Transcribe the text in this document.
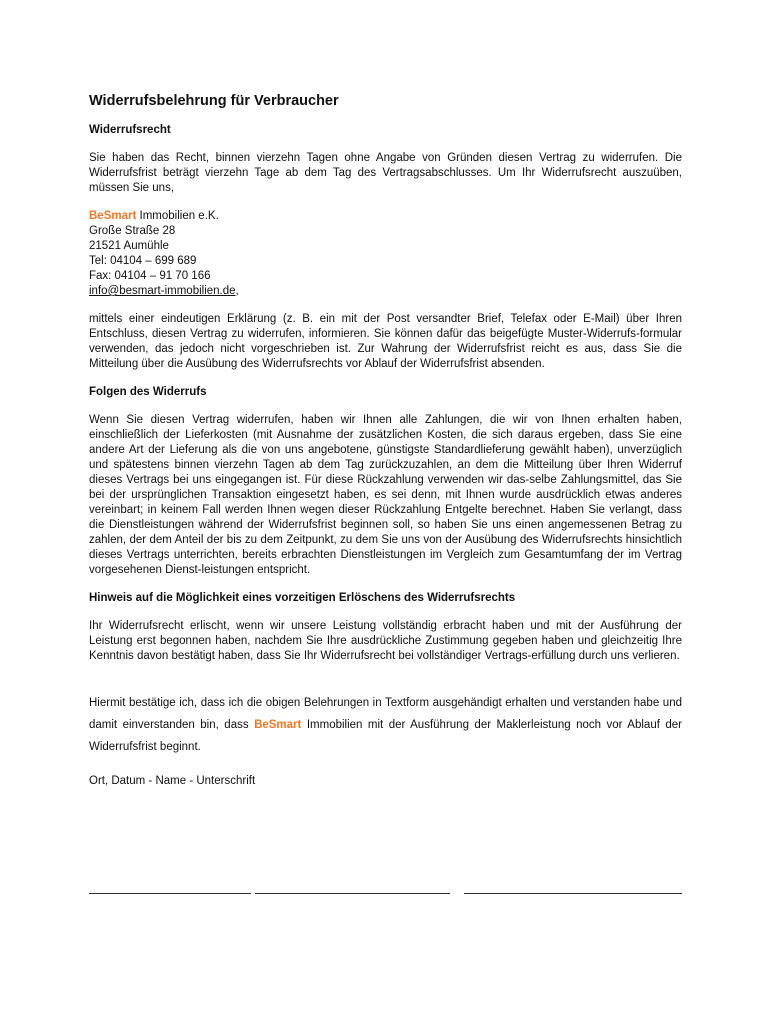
Widerrufsbelehrung für Verbraucher
Widerrufsrecht

Sie haben das Recht, binnen vierzehn Tagen ohne Angabe von Gründen diesen Vertrag zu widerrufen. Die Widerrufsfrist beträgt vierzehn Tage ab dem Tag des Vertragsabschlusses. Um Ihr Widerrufsrecht auszuüben, müssen Sie uns,

BeSmart Immobilien e.K.
Große Straße 28
21521 Aumühle
Tel: 04104 – 699 689
Fax: 04104 – 91 70 166
info@besmart-immobilien.de,

mittels einer eindeutigen Erklärung (z. B. ein mit der Post versandter Brief, Telefax oder E-Mail) über Ihren Entschluss, diesen Vertrag zu widerrufen, informieren. Sie können dafür das beigefügte Muster-Widerrufs-formular verwenden, das jedoch nicht vorgeschrieben ist. Zur Wahrung der Widerrufsfrist reicht es aus, dass Sie die Mitteilung über die Ausübung des Widerrufsrechts vor Ablauf der Widerrufsfrist absenden.

Folgen des Widerrufs

Wenn Sie diesen Vertrag widerrufen, haben wir Ihnen alle Zahlungen, die wir von Ihnen erhalten haben, einschließlich der Lieferkosten (mit Ausnahme der zusätzlichen Kosten, die sich daraus ergeben, dass Sie eine andere Art der Lieferung als die von uns angebotene, günstigste Standardlieferung gewählt haben), unverzüglich und spätestens binnen vierzehn Tagen ab dem Tag zurückzuzahlen, an dem die Mitteilung über Ihren Widerruf dieses Vertrags bei uns eingegangen ist. Für diese Rückzahlung verwenden wir das-selbe Zahlungsmittel, das Sie bei der ursprünglichen Transaktion eingesetzt haben, es sei denn, mit Ihnen wurde ausdrücklich etwas anderes vereinbart; in keinem Fall werden Ihnen wegen dieser Rückzahlung Entgelte berechnet. Haben Sie verlangt, dass die Dienstleistungen während der Widerrufsfrist beginnen soll, so haben Sie uns einen angemessenen Betrag zu zahlen, der dem Anteil der bis zu dem Zeitpunkt, zu dem Sie uns von der Ausübung des Widerrufsrechts hinsichtlich dieses Vertrags unterrichten, bereits erbrachten Dienstleistungen im Vergleich zum Gesamtumfang der im Vertrag vorgesehenen Dienst-leistungen entspricht.

Hinweis auf die Möglichkeit eines vorzeitigen Erlöschens des Widerrufsrechts

Ihr Widerrufsrecht erlischt, wenn wir unsere Leistung vollständig erbracht haben und mit der Ausführung der Leistung erst begonnen haben, nachdem Sie Ihre ausdrückliche Zustimmung gegeben haben und gleichzeitig Ihre Kenntnis davon bestätigt haben, dass Sie Ihr Widerrufsrecht bei vollständiger Vertrags-erfüllung durch uns verlieren.

Hiermit bestätige ich, dass ich die obigen Belehrungen in Textform ausgehändigt erhalten und verstanden habe und damit einverstanden bin, dass BeSmart Immobilien mit der Ausführung der Maklerleistung noch vor Ablauf der Widerrufsfrist beginnt.

Ort, Datum - Name - Unterschrift
